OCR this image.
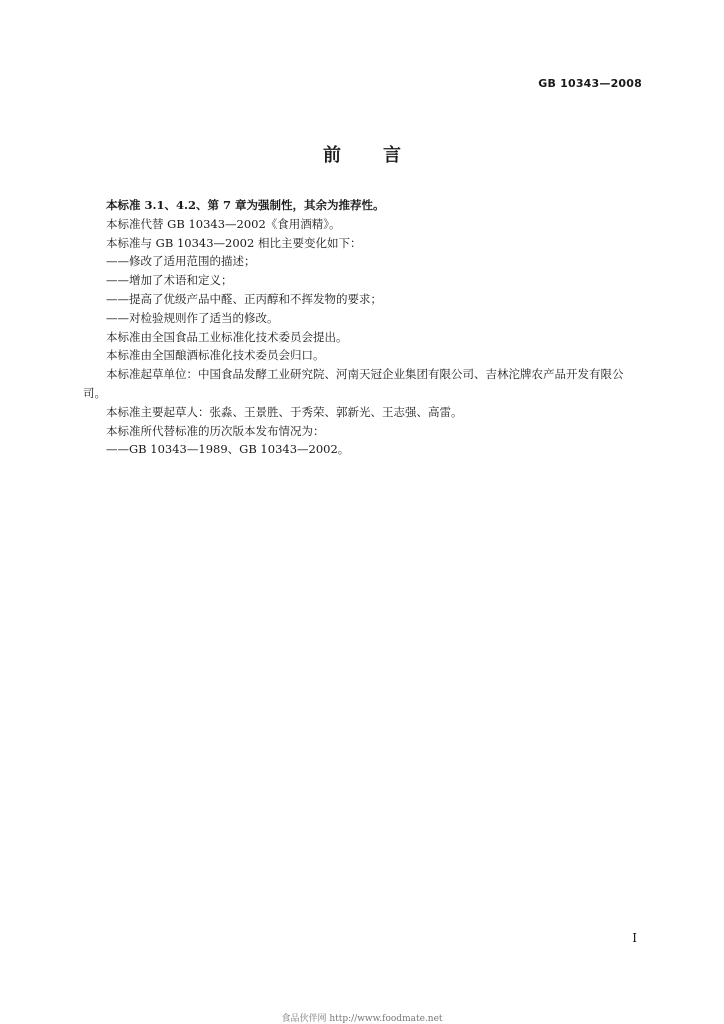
GB 10343—2008
前 言

本标准 3.1、4.2、第 7 章为强制性，其余为推荐性。

本标准代替 GB 10343—2002《食用酒精》。

本标准与 GB 10343—2002 相比主要变化如下：

——修改了适用范围的描述；

——增加了术语和定义；

——提高了优级产品中醛、正丙醇和不挥发物的要求；

——对检验规则作了适当的修改。

本标准由全国食品工业标准化技术委员会提出。

本标准由全国酿酒标准化技术委员会归口。

本标准起草单位：中国食品发酵工业研究院、河南天冠企业集团有限公司、吉林沱牌农产品开发有限公司。

本标准主要起草人：张淼、王景胜、于秀荣、郭新光、王志强、高雷。

本标准所代替标准的历次版本发布情况为：

——GB 10343—1989、GB 10343—2002。

I
食品伙伴网 http://www.foodmate.net
